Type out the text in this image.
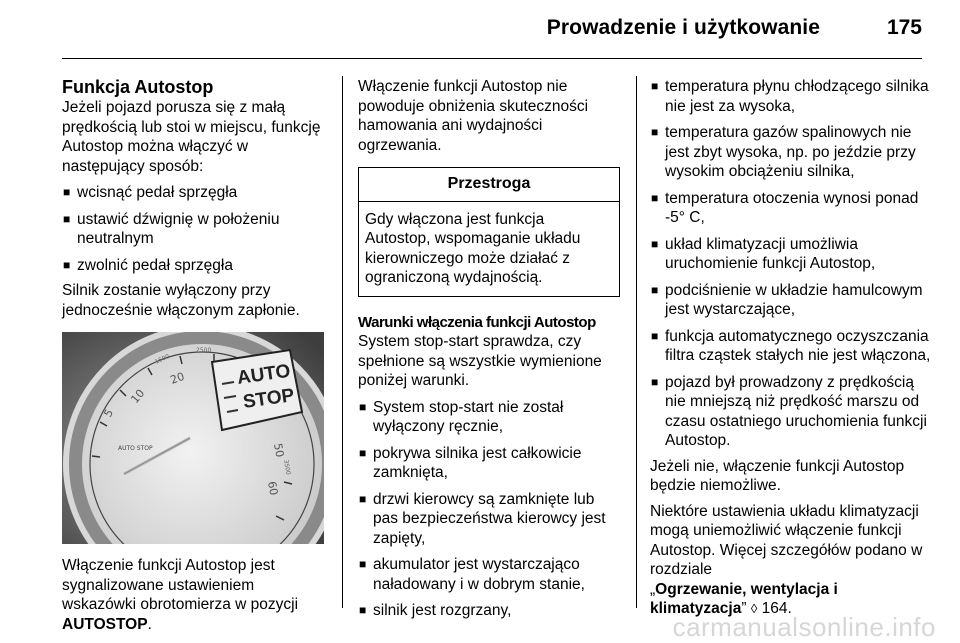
Prowadzenie i użytkowanie	175
Funkcja Autostop

Jeżeli pojazd porusza się z małą prędkością lub stoi w miejscu, funkcję Autostop można włączyć w następujący sposób:

■ wcisnąć pedał sprzęgła
■ ustawić dźwignię w położeniu neutralnym
■ zwolnić pedał sprzęgła

Silnik zostanie wyłączony przy jednocześnie włączonym zapłonie.

5
10
20
50
60
1500
2500
3500
AUTO STOP
AUTO
STOP

Włączenie funkcji Autostop jest sygnalizowane ustawieniem wskazówki obrotomierza w pozycji
AUTOSTOP.

Włączenie funkcji Autostop nie powoduje obniżenia skuteczności hamowania ani wydajności ogrzewania.

Przestroga
Gdy włączona jest funkcja Autostop, wspomaganie układu kierowniczego może działać z ograniczoną wydajnością.
Warunki włączenia funkcji Autostop

System stop-start sprawdza, czy spełnione są wszystkie wymienione poniżej warunki.

■ System stop-start nie został wyłączony ręcznie,
■ pokrywa silnika jest całkowicie zamknięta,
■ drzwi kierowcy są zamknięte lub pas bezpieczeństwa kierowcy jest zapięty,
■ akumulator jest wystarczająco naładowany i w dobrym stanie,
■ silnik jest rozgrzany,
■ temperatura płynu chłodzącego silnika nie jest za wysoka,
■ temperatura gazów spalinowych nie jest zbyt wysoka, np. po jeździe przy wysokim obciążeniu silnika,
■ temperatura otoczenia wynosi ponad -5° C,
■ układ klimatyzacji umożliwia uruchomienie funkcji Autostop,
■ podciśnienie w układzie hamulcowym jest wystarczające,
■ funkcja automatycznego oczyszczania filtra cząstek stałych nie jest włączona,
■ pojazd był prowadzony z prędkością nie mniejszą niż prędkość marszu od czasu ostatniego uruchomienia funkcji Autostop.

Jeżeli nie, włączenie funkcji Autostop będzie niemożliwe.

Niektóre ustawienia układu klimatyzacji mogą uniemożliwić włączenie funkcji Autostop. Więcej szczegółów podano w rozdziale
„Ogrzewanie, wentylacja i klimatyzacja” ◊ 164.

carmanualsonline.info
